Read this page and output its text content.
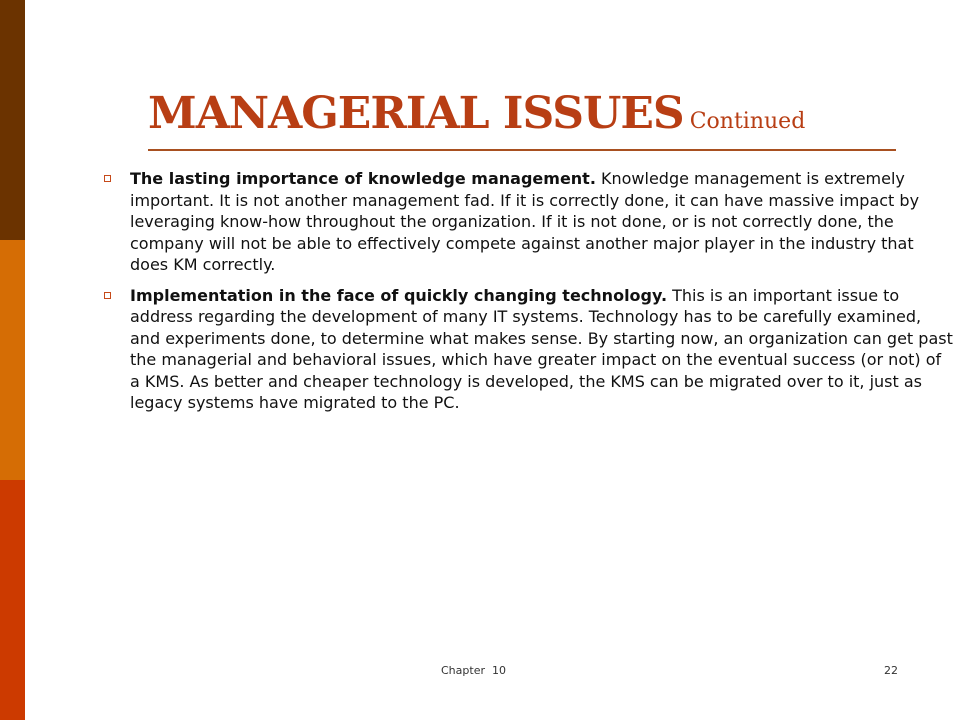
MANAGERIAL ISSUES Continued
The lasting importance of knowledge management. Knowledge management is extremely important. It is not another management fad. If it is correctly done, it can have massive impact by leveraging know-how throughout the organization. If it is not done, or is not correctly done, the company will not be able to effectively compete against another major player in the industry that does KM correctly.
Implementation in the face of quickly changing technology. This is an important issue to address regarding the development of many IT systems. Technology has to be carefully examined, and experiments done, to determine what makes sense. By starting now, an organization can get past the managerial and behavioral issues, which have greater impact on the eventual success (or not) of a KMS. As better and cheaper technology is developed, the KMS can be migrated over to it, just as legacy systems have migrated to the PC.
Chapter  10	22
